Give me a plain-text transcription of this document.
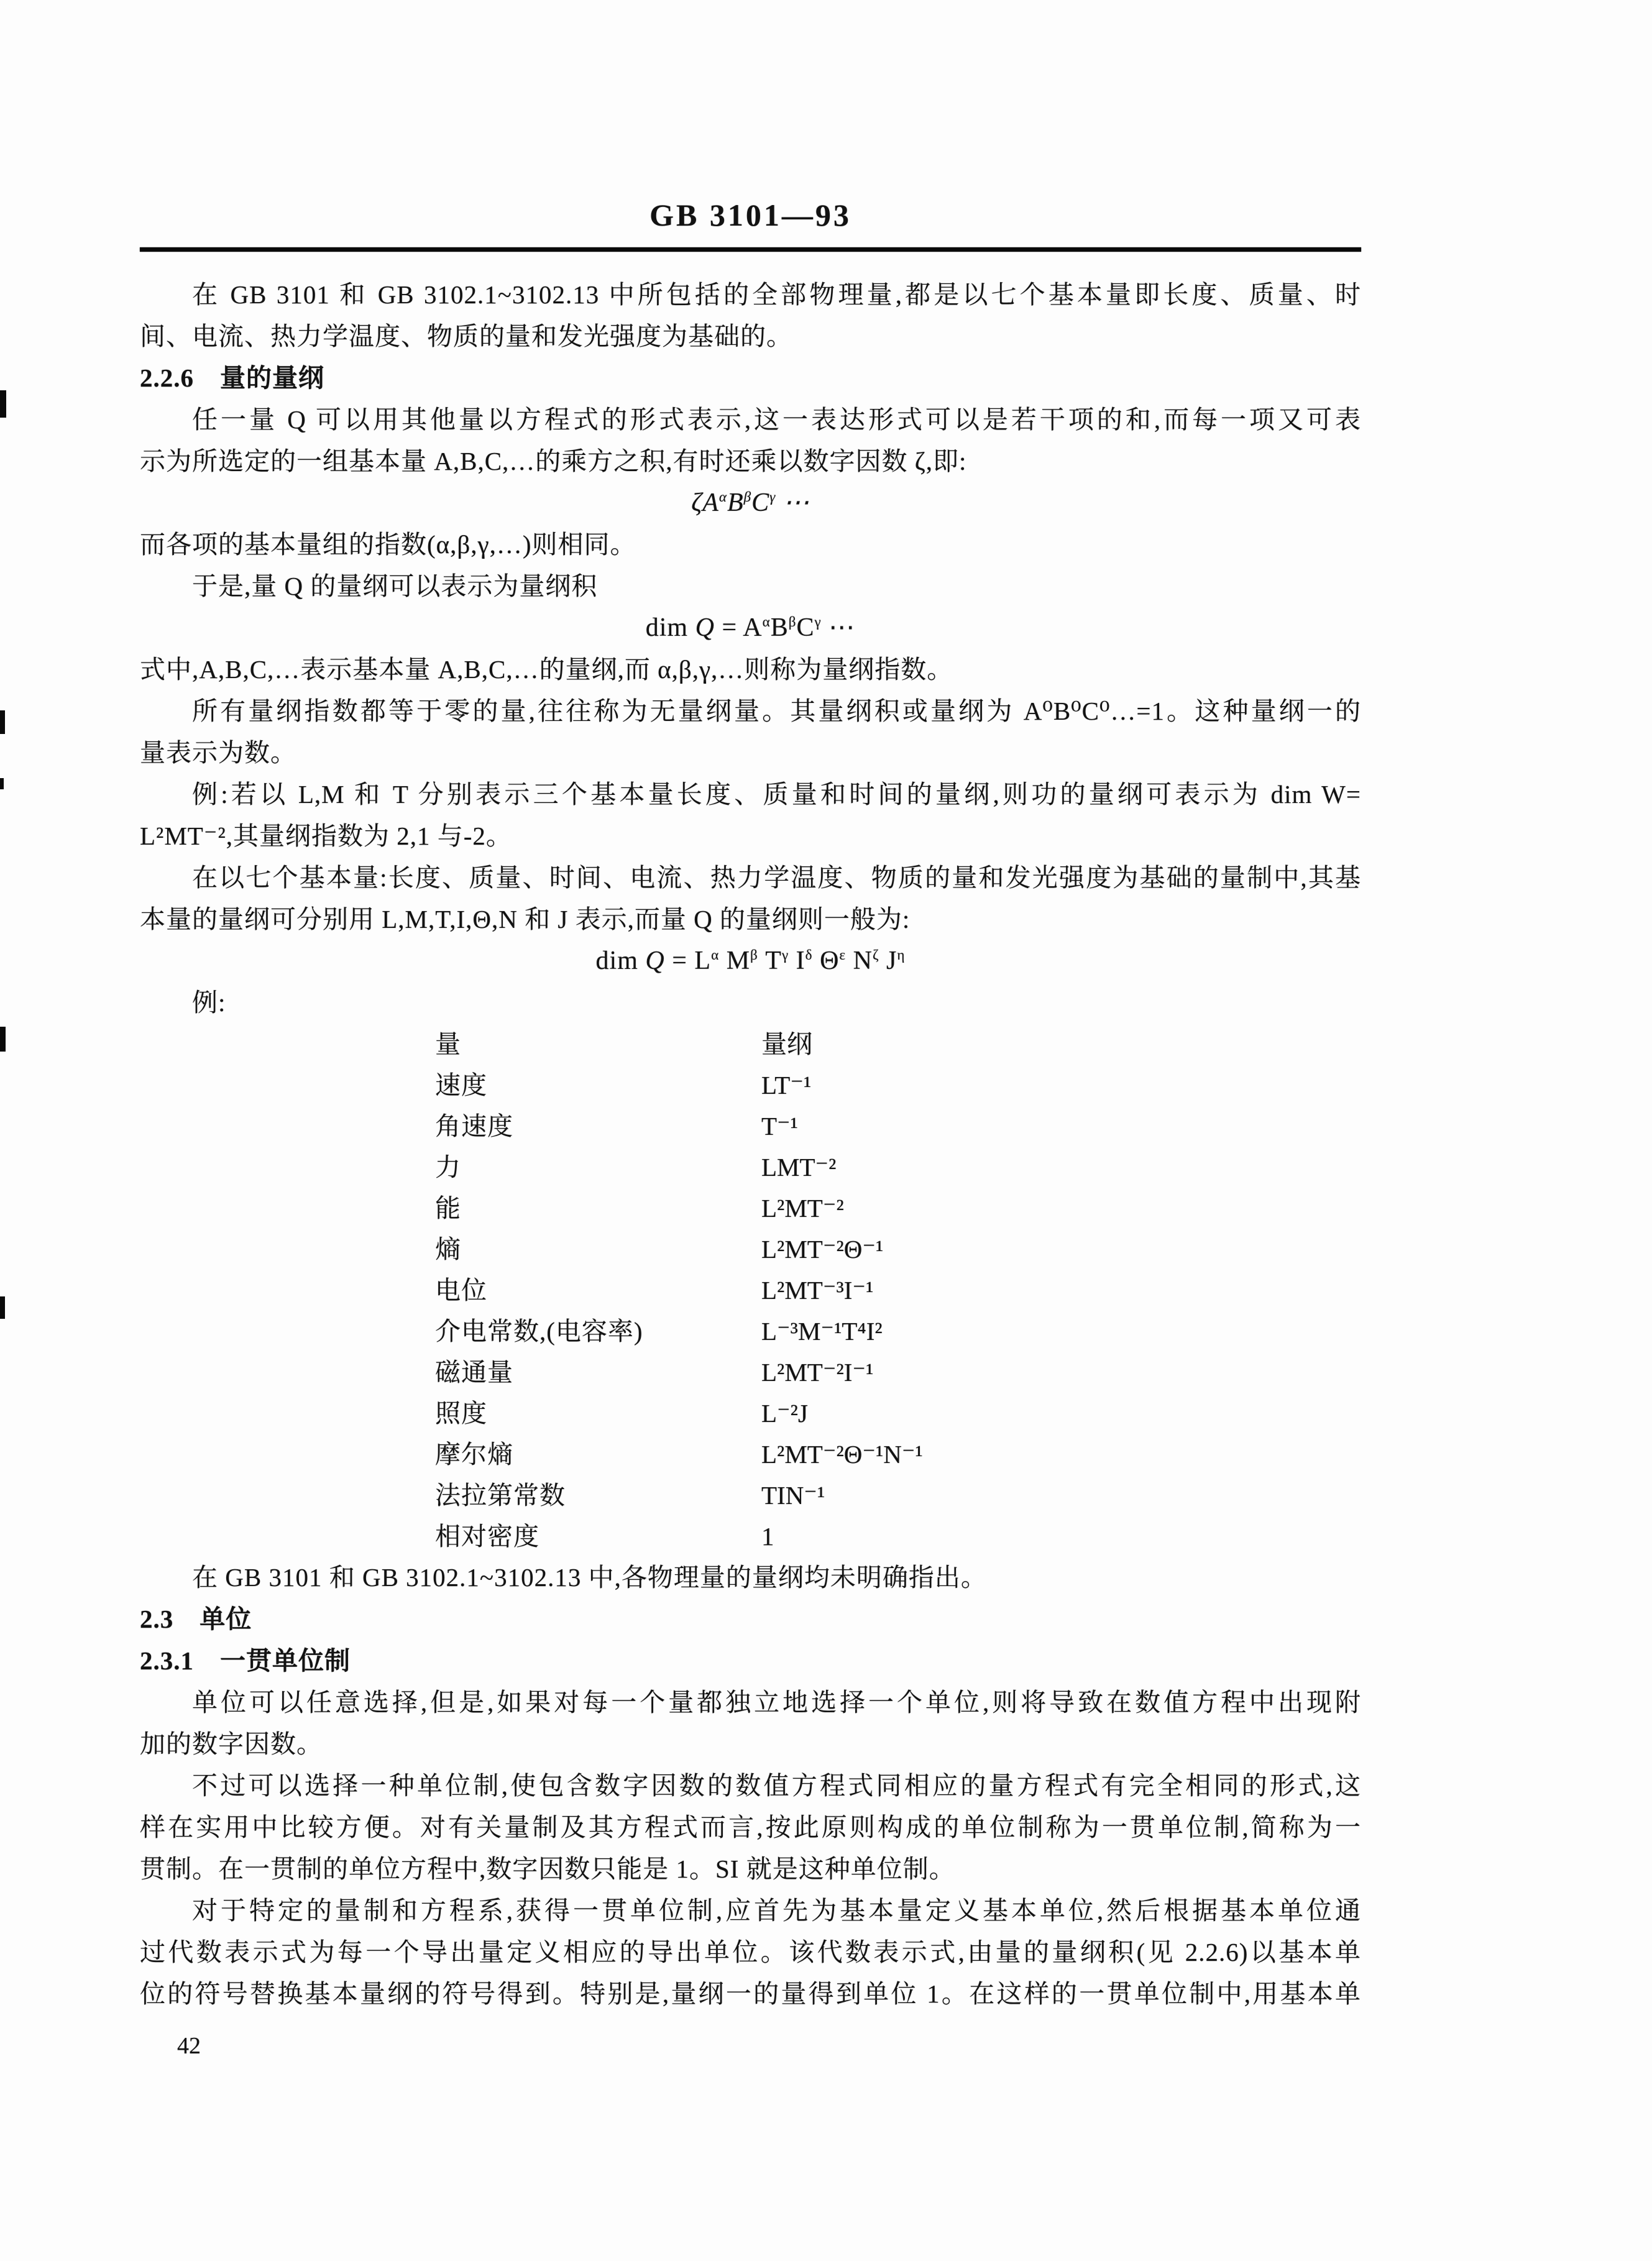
GB 3101—93
在 GB 3101 和 GB 3102.1~3102.13 中所包括的全部物理量,都是以七个基本量即长度、质量、时
间、电流、热力学温度、物质的量和发光强度为基础的。
2.2.6　量的量纲
任一量 Q 可以用其他量以方程式的形式表示,这一表达形式可以是若干项的和,而每一项又可表
示为所选定的一组基本量 A,B,C,…的乘方之积,有时还乘以数字因数 ζ,即:
$\zeta A^\alpha B^\beta C^\gamma$ ⋯
而各项的基本量组的指数(α,β,γ,…)则相同。
于是,量 Q 的量纲可以表示为量纲积
dim $Q = A^\alpha B^\beta C^\gamma$ ⋯
式中,A,B,C,…表示基本量 A,B,C,…的量纲,而 α,β,γ,…则称为量纲指数。
所有量纲指数都等于零的量,往往称为无量纲量。其量纲积或量纲为 A⁰B⁰C⁰…=1。这种量纲一的
量表示为数。
例:若以 L,M 和 T 分别表示三个基本量长度、质量和时间的量纲,则功的量纲可表示为 dim W=
L²MT⁻²,其量纲指数为 2,1 与-2。
在以七个基本量:长度、质量、时间、电流、热力学温度、物质的量和发光强度为基础的量制中,其基
本量的量纲可分别用 L,M,T,I,Θ,N 和 J 表示,而量 Q 的量纲则一般为:
dim $Q = L^\alpha$ $M^\beta$ $T^\gamma$ $I^\delta$ $\Theta^\varepsilon$ $N^\zeta$ $J^\eta$
例:
量	量纲
速度	LT⁻¹
角速度	T⁻¹
力	LMT⁻²
能	L²MT⁻²
熵	L²MT⁻²Θ⁻¹
电位	L²MT⁻³I⁻¹
介电常数,(电容率)	L⁻³M⁻¹T⁴I²
磁通量	L²MT⁻²I⁻¹
照度	L⁻²J
摩尔熵	L²MT⁻²Θ⁻¹N⁻¹
法拉第常数	TIN⁻¹
相对密度	1
在 GB 3101 和 GB 3102.1~3102.13 中,各物理量的量纲均未明确指出。
2.3　单位
2.3.1　一贯单位制
单位可以任意选择,但是,如果对每一个量都独立地选择一个单位,则将导致在数值方程中出现附
加的数字因数。
不过可以选择一种单位制,使包含数字因数的数值方程式同相应的量方程式有完全相同的形式,这
样在实用中比较方便。对有关量制及其方程式而言,按此原则构成的单位制称为一贯单位制,简称为一
贯制。在一贯制的单位方程中,数字因数只能是 1。SI 就是这种单位制。
对于特定的量制和方程系,获得一贯单位制,应首先为基本量定义基本单位,然后根据基本单位通
过代数表示式为每一个导出量定义相应的导出单位。该代数表示式,由量的量纲积(见 2.2.6)以基本单
位的符号替换基本量纲的符号得到。特别是,量纲一的量得到单位 1。在这样的一贯单位制中,用基本单
42
